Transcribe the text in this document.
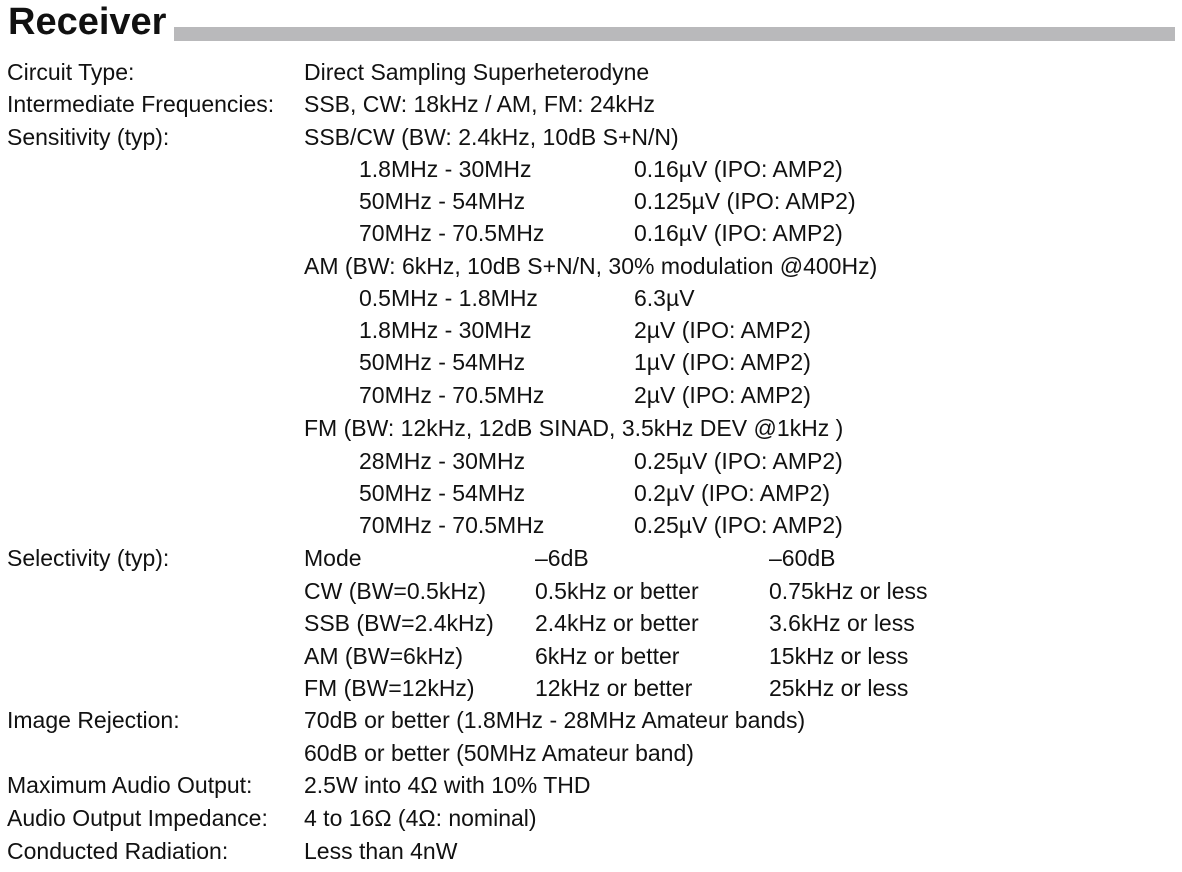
Receiver
Circuit Type:	Direct Sampling Superheterodyne
Intermediate Frequencies: SSB, CW: 18kHz / AM, FM: 24kHz
Sensitivity (typ):	SSB/CW (BW: 2.4kHz, 10dB S+N/N)
1.8MHz - 30MHz	0.16µV (IPO: AMP2)
50MHz - 54MHz	0.125µV (IPO: AMP2)
70MHz - 70.5MHz	0.16µV (IPO: AMP2)
AM (BW: 6kHz, 10dB S+N/N, 30% modulation @400Hz)
0.5MHz - 1.8MHz	6.3µV
1.8MHz - 30MHz	2µV (IPO: AMP2)
50MHz - 54MHz	1µV (IPO: AMP2)
70MHz - 70.5MHz	2µV (IPO: AMP2)
FM (BW: 12kHz, 12dB SINAD, 3.5kHz DEV @1kHz )
28MHz - 30MHz	0.25µV (IPO: AMP2)
50MHz - 54MHz	0.2µV (IPO: AMP2)
70MHz - 70.5MHz	0.25µV (IPO: AMP2)
Selectivity (typ):	Mode	–6dB	–60dB
CW (BW=0.5kHz) 0.5kHz or better	0.75kHz or less
SSB (BW=2.4kHz) 2.4kHz or better	3.6kHz or less
AM (BW=6kHz)	6kHz or better	15kHz or less
FM (BW=12kHz)	12kHz or better	25kHz or less
Image Rejection:	70dB or better (1.8MHz - 28MHz Amateur bands)
60dB or better (50MHz Amateur band)
Maximum Audio Output: 2.5W into 4Ω with 10% THD
Audio Output Impedance: 4 to 16Ω (4Ω: nominal)
Conducted Radiation:	Less than 4nW
